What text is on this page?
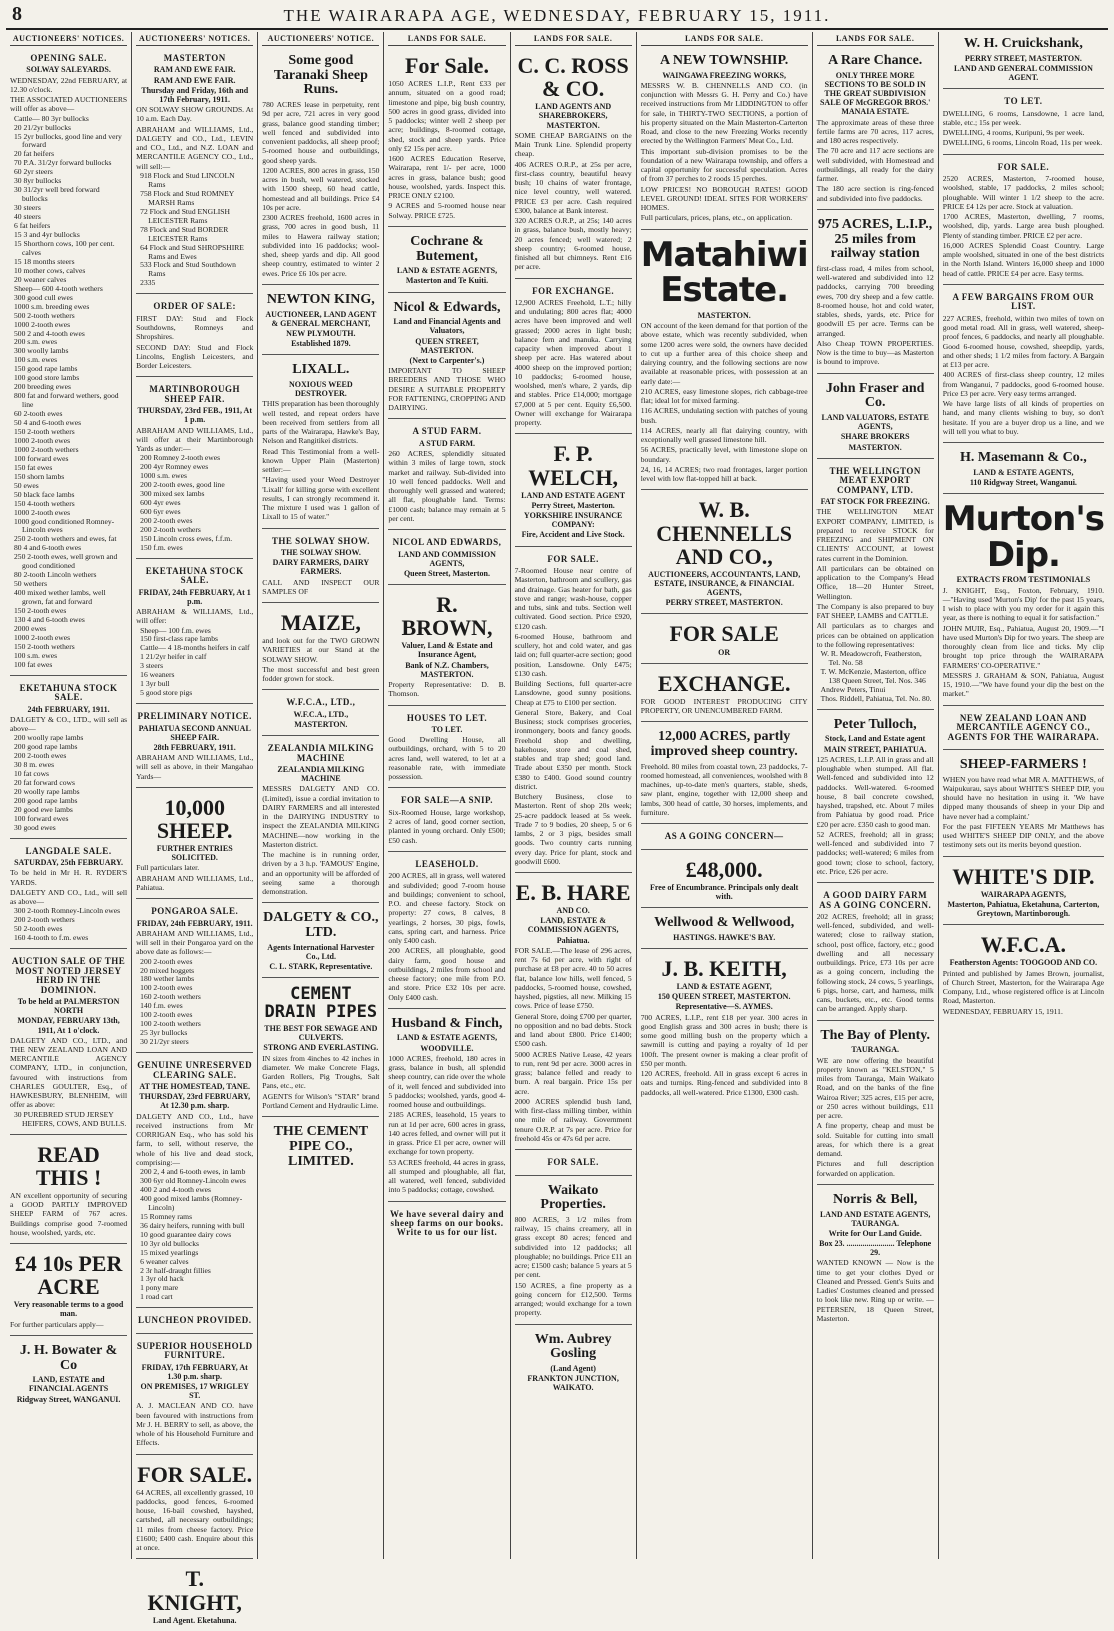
8	THE WAIRARAPA AGE, WEDNESDAY, FEBRUARY 15, 1911.
AUCTIONEERS' NOTICES.
OPENING SALE.
SOLWAY SALEYARDS.
WEDNESDAY, 22nd FEBRUARY, at 12.30 o'clock.
THE ASSOCIATED AUCTIONEERS will offer as above—
Cattle— 80 3yr bullocks
20 21/2yr bullocks
15 2yr bullocks, good line and very forward
20 fat heifers
70 P.A. 31/2yr forward bullocks
60 2yr steers
30 8yr bullocks
30 31/2yr well bred forward bullocks
30 steers
40 steers
6 fat heifers
15 3 and 4yr bullocks
15 Shorthorn cows, 100 per cent. calves
15 18 months steers
10 mother cows, calves
20 weaner calves
Sheep— 600 4-tooth wethers
300 good cull ewes
1000 s.m. breeding ewes
500 2-tooth wethers
1000 2-tooth ewes
500 2 and 4-tooth ewes
200 s.m. ewes
300 woolly lambs
100 s.m. ewes
150 good rape lambs
100 good store lambs
200 breeding ewes
800 fat and forward wethers, good line
60 2-tooth ewes
50 4 and 6-tooth ewes
150 2-tooth wethers
1000 2-tooth ewes
1000 2-tooth wethers
100 forward ewes
150 fat ewes
150 shorn lambs
50 ewes
50 black face lambs
150 4-tooth wethers
1000 2-tooth ewes
1000 good conditioned Romney-Lincoln ewes
250 2-tooth wethers and ewes, fat
80 4 and 6-tooth ewes
250 2-tooth ewes, well grown and good conditioned
80 2-tooth Lincoln wethers
50 wethers
400 mixed wether lambs, well grown, fat and forward
150 2-tooth ewes
130 4 and 6-tooth ewes
2000 ewes
1000 2-tooth ewes
150 2-tooth wethers
100 s.m. ewes
100 fat ewes
EKETAHUNA STOCK SALE.
24th FEBRUARY, 1911.
DALGETY & CO., LTD., will sell as above—
200 woolly rape lambs
200 good rape lambs
200 2-tooth ewes
30 8 m. ewes
10 fat cows
20 fat forward cows
20 woolly rape lambs
200 good rape lambs
20 good ewe lambs
100 forward ewes
30 good ewes
LANGDALE SALE.
SATURDAY, 25th FEBRUARY.
To be held in Mr H. R. RYDER'S YARDS.
DALGETY AND CO., Ltd., will sell as above—
300 2-tooth Romney-Lincoln ewes
200 2-tooth wethers
50 2-tooth ewes
160 4-tooth to f.m. ewes
AUCTION SALE OF THE MOST NOTED JERSEY HERD IN THE DOMINION.
To be held at PALMERSTON NORTH
MONDAY, FEBRUARY 13th, 1911, At 1 o'clock.
DALGETY AND CO., LTD., and THE NEW ZEALAND LOAN AND MERCANTILE AGENCY COMPANY, LTD., in conjunction, favoured with instructions from CHARLES GOULTER, Esq., of HAWKESBURY, BLENHEIM, will offer as above:
30 PUREBRED STUD JERSEY HEIFERS, COWS, AND BULLS.
READ THIS !
AN excellent opportunity of securing a GOOD PARTLY IMPROVED SHEEP FARM of 767 acres. Buildings comprise good 7-roomed house, woolshed, yards, etc.
£4 10s PER ACRE
Very reasonable terms to a good man.
For further particulars apply—
J. H. Bowater & Co
LAND, ESTATE and FINANCIAL AGENTS
Ridgway Street, WANGANUI.
AUCTIONEERS' NOTICES.
MASTERTON
RAM AND EWE FAIR.
RAM AND EWE FAIR.
Thursday and Friday, 16th and 17th February, 1911.
ON SOLWAY SHOW GROUNDS. At 10 a.m. Each Day.
ABRAHAM and WILLIAMS, Ltd., DALGETY and CO., Ltd., LEVIN and CO., Ltd., and N.Z. LOAN and MERCANTILE AGENCY CO., Ltd., will sell:—
918 Flock and Stud LINCOLN Rams
758 Flock and Stud ROMNEY MARSH Rams
72 Flock and Stud ENGLISH LEICESTER Rams
78 Flock and Stud BORDER LEICESTER Rams
64 Flock and Stud SHROPSHIRE Rams and Ewes
533 Flock and Stud Southdown Rams
2335
ORDER OF SALE:
FIRST DAY: Stud and Flock Southdowns, Romneys and Shropshires.
SECOND DAY: Stud and Flock Lincolns, English Leicesters, and Border Leicesters.
MARTINBOROUGH SHEEP FAIR.
THURSDAY, 23rd FEB., 1911, At 1 p.m.
ABRAHAM AND WILLIAMS, Ltd., will offer at their Martinborough Yards as under:—
200 Romney 2-tooth ewes
200 4yr Romney ewes
1000 s.m. ewes
200 2-tooth ewes, good line
300 mixed sex lambs
600 4yr ewes
600 6yr ewes
200 2-tooth ewes
200 2-tooth wethers
150 Lincoln cross ewes, f.f.m.
150 f.m. ewes
EKETAHUNA STOCK SALE.
FRIDAY, 24th FEBRUARY, At 1 p.m.
ABRAHAM & WILLIAMS, Ltd., will offer:
Sheep— 100 f.m. ewes
150 first-class rape lambs
Cattle— 4 18-months heifers in calf
1 21/2yr heifer in calf
3 steers
16 weaners
1 3yr bull
5 good store pigs
PRELIMINARY NOTICE.
PAHIATUA SECOND ANNUAL SHEEP FAIR.
28th FEBRUARY, 1911.
ABRAHAM AND WILLIAMS, Ltd., will sell as above, in their Mangahao Yards—
10,000 SHEEP.
FURTHER ENTRIES SOLICITED.
Full particulars later.
ABRAHAM AND WILLIAMS, Ltd., Pahiatua.
PONGAROA SALE.
FRIDAY, 24th FEBRUARY, 1911.
ABRAHAM AND WILLIAMS, Ltd., will sell in their Pongaroa yard on the above date as follows:—
200 2-tooth ewes
20 mixed hoggets
180 wether lambs
100 2-tooth ewes
160 2-tooth wethers
140 f.m. ewes
100 2-tooth ewes
100 2-tooth wethers
25 3yr bullocks
30 21/2yr steers
GENUINE UNRESERVED CLEARING SALE.
AT THE HOMESTEAD, TANE.
THURSDAY, 23rd FEBRUARY, At 12.30 p.m. sharp.
DALGETY AND CO., Ltd., have received instructions from Mr CORRIGAN Esq., who has sold his farm, to sell, without reserve, the whole of his live and dead stock, comprising:—
200 2, 4 and 6-tooth ewes, in lamb
300 6yr old Romney-Lincoln ewes
400 2 and 4-tooth ewes
400 good mixed lambs (Romney-Lincoln)
15 Romney rams
36 dairy heifers, running with bull
10 good guarantee dairy cows
10 3yr old bullocks
15 mixed yearlings
6 weaner calves
2 3r half-draught fillies
1 3yr old hack
1 pony mare
1 road cart
LUNCHEON PROVIDED.
SUPERIOR HOUSEHOLD FURNITURE.
FRIDAY, 17th FEBRUARY, At 1.30 p.m. sharp.
ON PREMISES, 17 WRIGLEY ST.
A. J. MACLEAN AND CO. have been favoured with instructions from Mr J. H. BERRY to sell, as above, the whole of his Household Furniture and Effects.
FOR SALE.
64 ACRES, all excellently grassed, 10 paddocks, good fences, 6-roomed house, 16-bail cowshed, hayshed, cartshed, all necessary outbuildings; 11 miles from cheese factory. Price £1600; £400 cash. Enquire about this at once.
T. KNIGHT,
Land Agent. Eketahuna.
AUCTIONEERS' NOTICE.
Some good Taranaki Sheep Runs.
780 ACRES lease in perpetuity, rent 9d per acre, 721 acres in very good grass, balance good standing timber; well fenced and subdivided into convenient paddocks, all sheep proof; 5-roomed house and outbuildings, good sheep yards.
1200 ACRES, 800 acres in grass, 150 acres in bush, well watered, stocked with 1500 sheep, 60 head cattle, homestead and all buildings. Price £4 10s per acre.
2300 ACRES freehold, 1600 acres in grass, 700 acres in good bush, 11 miles to Hawera railway station; subdivided into 16 paddocks; wool-shed, sheep yards and dip. All good sheep country, estimated to winter 2 ewes. Price £6 10s per acre.
NEWTON KING,
AUCTIONEER, LAND AGENT & GENERAL MERCHANT,
NEW PLYMOUTH.
Established 1879.
LIXALL.
NOXIOUS WEED DESTROYER.
THIS preparation has been thoroughly well tested, and repeat orders have been received from settlers from all parts of the Wairarapa, Hawke's Bay, Nelson and Rangitikei districts.
Read This Testimonial from a well-known Upper Plain (Masterton) settler:—
"Having used your Weed Destroyer 'Lixall' for killing gorse with excellent results, I can strongly recommend it. The mixture I used was 1 gallon of Lixall to 15 of water."
THE SOLWAY SHOW.
THE SOLWAY SHOW.
DAIRY FARMERS, DAIRY FARMERS.
CALL AND INSPECT OUR SAMPLES OF
MAIZE,
and look out for the TWO GROWN VARIETIES at our Stand at the SOLWAY SHOW.
The most successful and best green fodder grown for stock.
W.F.C.A., LTD.,
W.F.C.A., LTD.,
MASTERTON.
ZEALANDIA MILKING MACHINE
ZEALANDIA MILKING MACHINE
MESSRS DALGETY AND CO. (Limited), issue a cordial invitation to DAIRY FARMERS and all interested in the DAIRYING INDUSTRY to inspect the ZEALANDIA MILKING MACHINE—now working in the Masterton district.
The machine is in running order, driven by a 3 h.p. 'FAMOUS' Engine, and an opportunity will be afforded of seeing same a thorough demonstration.
DALGETY & CO., LTD.
Agents International Harvester Co., Ltd.
C. L. STARK, Representative.
CEMENT DRAIN PIPES
THE BEST FOR SEWAGE AND CULVERTS.
STRONG AND EVERLASTING.
IN sizes from 4inches to 42 inches in diameter. We make Concrete Flags, Garden Rollers, Pig Troughs, Salt Pans, etc., etc.
AGENTS for Wilson's "STAR" brand Portland Cement and Hydraulic Lime.
THE CEMENT PIPE CO., LIMITED.
LANDS FOR SALE.
For Sale.
1050 ACRES L.I.P., Rent £33 per annum, situated on a good road; limestone and pipe, big bush country, 500 acres in good grass, divided into 5 paddocks; winter well 2 sheep per acre; buildings, 8-roomed cottage, shed, stock and sheep yards. Price only £2 15s per acre.
1600 ACRES Education Reserve, Wairarapa, rent 1/- per acre, 1000 acres in grass, balance bush; good house, woolshed, yards. Inspect this. PRICE ONLY £2100.
9 ACRES and 5-roomed house near Solway. PRICE £725.
Cochrane & Butement,
LAND & ESTATE AGENTS,
Masterton and Te Kuiti.
Nicol & Edwards,
Land and Financial Agents and Valuators,
QUEEN STREET, MASTERTON.
(Next to Carpenter's.)
IMPORTANT TO SHEEP BREEDERS AND THOSE WHO DESIRE A SUITABLE PROPERTY FOR FATTENING, CROPPING AND DAIRYING.
A STUD FARM.
A STUD FARM.
260 ACRES, splendidly situated within 3 miles of large town, stock market and railway. Sub-divided into 10 well fenced paddocks. Well and thoroughly well grassed and watered; all flat, ploughable land. Terms: £1000 cash; balance may remain at 5 per cent.
NICOL AND EDWARDS,
LAND AND COMMISSION AGENTS,
Queen Street, Masterton.
R. BROWN,
Valuer, Land & Estate and Insurance Agent,
Bank of N.Z. Chambers, MASTERTON.
Property Representative: D. B. Thomson.
HOUSES TO LET.
TO LET.
Good Dwelling House, all outbuildings, orchard, with 5 to 20 acres land, well watered, to let at a reasonable rate, with immediate possession.
FOR SALE—A SNIP.
Six-Roomed House, large workshop, 2 acres of land, good corner section, planted in young orchard. Only £500; £50 cash.
LEASEHOLD.
200 ACRES, all in grass, well watered and subdivided; good 7-room house and buildings; convenient to school, P.O. and cheese factory. Stock on property: 27 cows, 8 calves, 8 yearlings, 2 horses, 30 pigs, fowls, cans, spring cart, and harness. Price only £400 cash.
200 ACRES, all ploughable, good dairy farm, good house and outbuildings, 2 miles from school and cheese factory; one mile from P.O. and store. Price £32 10s per acre. Only £400 cash.
Husband & Finch,
LAND & ESTATE AGENTS,
WOODVILLE.
1000 ACRES, freehold, 180 acres in grass, balance in bush, all splendid sheep country, can ride over the whole of it, well fenced and subdivided into 5 paddocks; woolshed, yards, good 4-roomed house and outbuildings.
2185 ACRES, leasehold, 15 years to run at 1d per acre, 600 acres in grass, 140 acres felled, and owner will put it in grass. Price £1 per acre, owner will exchange for town property.
53 ACRES freehold, 44 acres in grass, all stumped and ploughable, all flat, all watered, well fenced, subdivided into 5 paddocks; cottage, cowshed.
We have several dairy and sheep farms on our books. Write to us for our list.
LANDS FOR SALE.
C. C. ROSS & CO.
LAND AGENTS AND SHAREBROKERS, MASTERTON.
SOME CHEAP BARGAINS on the Main Trunk Line. Splendid property cheap.
406 ACRES O.R.P., at 25s per acre, first-class country, beautiful heavy bush; 10 chains of water frontage, nice level country, well watered. PRICE £3 per acre. Cash required £300, balance at Bank interest.
320 ACRES O.R.P., at 25s; 140 acres in grass, balance bush, mostly heavy; 20 acres fenced; well watered; 2 sheep country; 6-roomed house, finished all but chimneys. Rent £16 per acre.
FOR EXCHANGE.
12,900 ACRES Freehold, L.T.; hilly and undulating; 800 acres flat; 4000 acres have been improved and well grassed; 2000 acres in light bush; balance fern and manuka. Carrying capacity when improved about 1 sheep per acre. Has watered about 4000 sheep on the improved portion; 10 paddocks; 6-roomed house, woolshed, men's whare, 2 yards, dip and stables. Price £14,000; mortgage £7,000 at 5 per cent. Equity £6,500. Owner will exchange for Wairarapa property.
F. P. WELCH,
LAND AND ESTATE AGENT
Perry Street, Masterton.
YORKSHIRE INSURANCE COMPANY:
Fire, Accident and Live Stock.
FOR SALE.
7-Roomed House near centre of Masterton, bathroom and scullery, gas and drainage. Gas heater for bath, gas stove and range; wash-house, copper and tubs, sink and tubs. Section well cultivated. Good section. Price £920, £120 cash.
6-roomed House, bathroom and scullery, hot and cold water, and gas laid on; full quarter-acre section; good position, Lansdowne. Only £475; £130 cash.
Building Sections, full quarter-acre Lansdowne, good sunny positions. Cheap at £75 to £100 per section.
General Store, Bakery, and Coal Business; stock comprises groceries, ironmongery, boots and fancy goods. Freehold shop and dwelling, bakehouse, store and coal shed, stables and trap shed; good land. Trade about £350 per month. Stock £380 to £400. Good sound country district.
Butchery Business, close to Masterton. Rent of shop 20s week; 25-acre paddock leased at 5s week. Trade 7 to 9 bodies, 20 sheep, 5 or 6 lambs, 2 or 3 pigs, besides small goods. Two country carts running every day. Price for plant, stock and goodwill £600.
E. B. HARE
AND CO.
LAND, ESTATE & COMMISSION AGENTS,
Pahiatua.
FOR SALE.—The lease of 296 acres, rent 7s 6d per acre, with right of purchase at £8 per acre. 40 to 50 acres flat, balance low hills, well fenced, 5 paddocks, 5-roomed house, cowshed, hayshed, pigsties, all new. Milking 15 cows. Price of lease £750.
General Store, doing £700 per quarter, no opposition and no bad debts. Stock and land about £800. Price £1400; £500 cash.
5000 ACRES Native Lease, 42 years to run, rent 9d per acre. 3000 acres in grass; balance felled and ready to burn. A real bargain. Price 15s per acre.
2000 ACRES splendid bush land, with first-class milling timber, within one mile of railway. Government tenure O.R.P. at 7s per acre. Price for freehold 45s or 47s 6d per acre.
FOR SALE.
Waikato Properties.
800 ACRES, 3 1/2 miles from railway, 15 chains creamery, all in grass except 80 acres; fenced and subdivided into 12 paddocks; all ploughable; no buildings. Price £11 an acre; £1500 cash; balance 5 years at 5 per cent.
150 ACRES, a fine property as a going concern for £12,500. Terms arranged; would exchange for a town property.
Wm. Aubrey Gosling
(Land Agent)
FRANKTON JUNCTION, WAIKATO.
LANDS FOR SALE.
A NEW TOWNSHIP.
WAINGAWA FREEZING WORKS,
MESSRS W. B. CHENNELLS AND CO. (in conjunction with Messrs G. H. Perry and Co.) have received instructions from Mr LIDDINGTON to offer for sale, in THIRTY-TWO SECTIONS, a portion of his property situated on the Main Masterton-Carterton Road, and close to the new Freezing Works recently erected by the Wellington Farmers' Meat Co., Ltd.
This important sub-division promises to be the foundation of a new Wairarapa township, and offers a capital opportunity for successful speculation. Acres of from 37 perches to 2 roods 15 perches.
LOW PRICES! NO BOROUGH RATES! GOOD LEVEL GROUND! IDEAL SITES FOR WORKERS' HOMES.
Full particulars, prices, plans, etc., on application.
Matahiwi Estate.
MASTERTON.
ON account of the keen demand for that portion of the above estate, which was recently subdivided, when some 1200 acres were sold, the owners have decided to cut up a further area of this choice sheep and dairying country, and the following sections are now available at reasonable prices, with possession at an early date:—
210 ACRES, easy limestone slopes, rich cabbage-tree flat; ideal lot for mixed farming.
116 ACRES, undulating section with patches of young bush.
114 ACRES, nearly all flat dairying country, with exceptionally well grassed limestone hill.
56 ACRES, practically level, with limestone slope on boundary.
24, 16, 14 ACRES; two road frontages, larger portion level with low flat-topped hill at back.
W. B. CHENNELLS AND CO.,
AUCTIONEERS, ACCOUNTANTS, LAND, ESTATE, INSURANCE, & FINANCIAL AGENTS,
PERRY STREET, MASTERTON.
FOR SALE
OR
EXCHANGE.
FOR GOOD INTEREST PRODUCING CITY PROPERTY, OR UNENCUMBERED FARM.
12,000 ACRES, partly improved sheep country.
Freehold. 80 miles from coastal town, 23 paddocks, 7-roomed homestead, all conveniences, woolshed with 8 machines, up-to-date men's quarters, stable, sheds, saw plant, engine, together with 12,000 sheep and lambs, 300 head of cattle, 30 horses, implements, and furniture.
AS A GOING CONCERN—
£48,000.
Free of Encumbrance. Principals only dealt with.
Wellwood & Wellwood,
HASTINGS. HAWKE'S BAY.
J. B. KEITH,
LAND & ESTATE AGENT,
150 QUEEN STREET, MASTERTON.
Representative—S. AYMES.
700 ACRES, L.I.P., rent £18 per year. 300 acres in good English grass and 300 acres in bush; there is some good milling bush on the property which a sawmill is cutting and paying a royalty of 1d per 100ft. The present owner is making a clear profit of £50 per month.
120 ACRES, freehold. All in grass except 6 acres in oats and turnips. Ring-fenced and subdivided into 8 paddocks, all well-watered. Price £1300, £300 cash.
LANDS FOR SALE.
A Rare Chance.
ONLY THREE MORE SECTIONS TO BE SOLD IN THE GREAT SUBDIVISION SALE OF McGREGOR BROS.' MANAIA ESTATE.
The approximate areas of these three fertile farms are 70 acres, 117 acres, and 180 acres respectively.
The 70 acre and 117 acre sections are well subdivided, with Homestead and outbuildings, all ready for the dairy farmer.
The 180 acre section is ring-fenced and subdivided into five paddocks.
975 ACRES, L.I.P., 25 miles from railway station
first-class road, 4 miles from school, well-watered and subdivided into 12 paddocks, carrying 700 breeding ewes, 700 dry sheep and a few cattle. 8-roomed house, hot and cold water, stables, sheds, yards, etc. Price for goodwill £5 per acre. Terms can be arranged.
Also Cheap TOWN PROPERTIES. Now is the time to buy—as Masterton is bound to improve.
John Fraser and Co.
LAND VALUATORS, ESTATE AGENTS,
SHARE BROKERS
MASTERTON.
THE WELLINGTON MEAT EXPORT COMPANY, LTD.
FAT STOCK FOR FREEZING.
THE WELLINGTON MEAT EXPORT COMPANY, LIMITED, is prepared to receive STOCK for FREEZING and SHIPMENT ON CLIENTS' ACCOUNT, at lowest rates current in the Dominion.
All particulars can be obtained on application to the Company's Head Office, 18—20 Hunter Street, Wellington.
The Company is also prepared to buy FAT SHEEP, LAMBS and CATTLE.
All particulars as to charges and prices can be obtained on application to the following representatives:
W. R. Meadowcroft, Featherston, Tel. No. 58
T. W. McKenzie, Masterton, office 138 Queen Street, Tel. Nos. 346
Andrew Peters, Tinui
Thos. Riddell, Pahiatua, Tel. No. 80.
Peter Tulloch,
Stock, Land and Estate agent
MAIN STREET, PAHIATUA.
125 ACRES, L.I.P. All in grass and all ploughable when stumped. All flat. Well-fenced and subdivided into 12 paddocks. Well-watered. 6-roomed house, 8 bail concrete cowshed, hayshed, trapshed, etc. About 7 miles from Pahiatua by good road. Price £20 per acre. £350 cash to good man.
52 ACRES, freehold; all in grass; well-fenced and subdivided into 7 paddocks; well-watered; 6 miles from good town; close to school, factory, etc. Price, £26 per acre.
A GOOD DAIRY FARM AS A GOING CONCERN.
202 ACRES, freehold; all in grass; well-fenced, subdivided, and well-watered; close to railway station, school, post office, factory, etc.; good dwelling and all necessary outbuildings. Price, £73 10s per acre as a going concern, including the following stock, 24 cows, 5 yearlings, 6 pigs, horse, cart, and harness, milk cans, buckets, etc., etc. Good terms can be arranged. Apply sharp.
The Bay of Plenty.
TAURANGA.
WE are now offering the beautiful property known as "KELSTON," 5 miles from Tauranga, Main Waikato Road, and on the banks of the fine Wairoa River; 325 acres, £15 per acre, or 250 acres without buildings, £11 per acre.
A fine property, cheap and must be sold. Suitable for cutting into small areas, for which there is a great demand.
Pictures and full description forwarded on application.
Norris & Bell,
LAND AND ESTATE AGENTS, TAURANGA.
Write for Our Land Guide.
Box 23. ........................ Telephone 29.
WANTED KNOWN — Now is the time to get your clothes Dyed or Cleaned and Pressed. Gent's Suits and Ladies' Costumes cleaned and pressed to look like new. Ring up or write. — PETERSEN, 18 Queen Street, Masterton.
W. H. Cruickshank,
PERRY STREET, MASTERTON.
LAND AND GENERAL COMMISSION AGENT.
TO LET.
DWELLING, 6 rooms, Lansdowne, 1 acre land, stable, etc.; 15s per week.
DWELLING, 4 rooms, Kuripuni, 9s per week.
DWELLING, 6 rooms, Lincoln Road, 11s per week.
FOR SALE.
2520 ACRES, Masterton, 7-roomed house, woolshed, stable, 17 paddocks, 2 miles school; ploughable. Will winter 1 1/2 sheep to the acre. PRICE £4 12s per acre. Stock at valuation.
1700 ACRES, Masterton, dwelling, 7 rooms, woolshed, dip, yards. Large area bush ploughed. Plenty of standing timber. PRICE £2 per acre.
16,000 ACRES Splendid Coast Country. Large ample woolshed, situated in one of the best districts in the North Island. Winters 16,000 sheep and 1000 head of cattle. PRICE £4 per acre. Easy terms.
A FEW BARGAINS FROM OUR LIST.
227 ACRES, freehold, within two miles of town on good metal road. All in grass, well watered, sheep-proof fences, 6 paddocks, and nearly all ploughable. Good 6-roomed house, cowshed, sheepdip, yards, and other sheds; 1 1/2 miles from factory. A Bargain at £13 per acre.
400 ACRES of first-class sheep country, 12 miles from Wanganui, 7 paddocks, good 6-roomed house. Price £3 per acre. Very easy terms arranged.
We have large lists of all kinds of properties on hand, and many clients wishing to buy, so don't hesitate. If you are a buyer drop us a line, and we will tell you what to buy.
H. Masemann & Co.,
LAND & ESTATE AGENTS,
110 Ridgway Street, Wanganui.
Murton's Dip.
EXTRACTS FROM TESTIMONIALS
J. KNIGHT, Esq., Foxton, February, 1910.—"Having used 'Murton's Dip' for the past 15 years, I wish to place with you my order for it again this year, as there is nothing to equal it for satisfaction."
JOHN MUIR, Esq., Pahiatua, August 20, 1909.—"I have used Murton's Dip for two years. The sheep are thoroughly clean from lice and ticks. My clip brought top price through the WAIRARAPA FARMERS' CO-OPERATIVE."
MESSRS J. GRAHAM & SON, Pahiatua, August 15, 1910.—"We have found your dip the best on the market."
NEW ZEALAND LOAN AND MERCANTILE AGENCY CO., AGENTS FOR THE WAIRARAPA.
SHEEP-FARMERS !
WHEN you have read what MR A. MATTHEWS, of Waipukurau, says about WHITE'S SHEEP DIP, you should have no hesitation in using it. 'We have dipped many thousands of sheep in your Dip and have never had a complaint.'
For the past FIFTEEN YEARS Mr Matthews has used WHITE'S SHEEP DIP ONLY, and the above testimony sets out its merits beyond question.
WHITE'S DIP.
WAIRARAPA AGENTS,
Masterton, Pahiatua, Eketahuna, Carterton, Greytown, Martinborough.
W.F.C.A.
Featherston Agents: TOOGOOD AND CO.
Printed and published by James Brown, journalist, of Church Street, Masterton, for the Wairarapa Age Company, Ltd., whose registered office is at Lincoln Road, Masterton.
WEDNESDAY, FEBRUARY 15, 1911.
